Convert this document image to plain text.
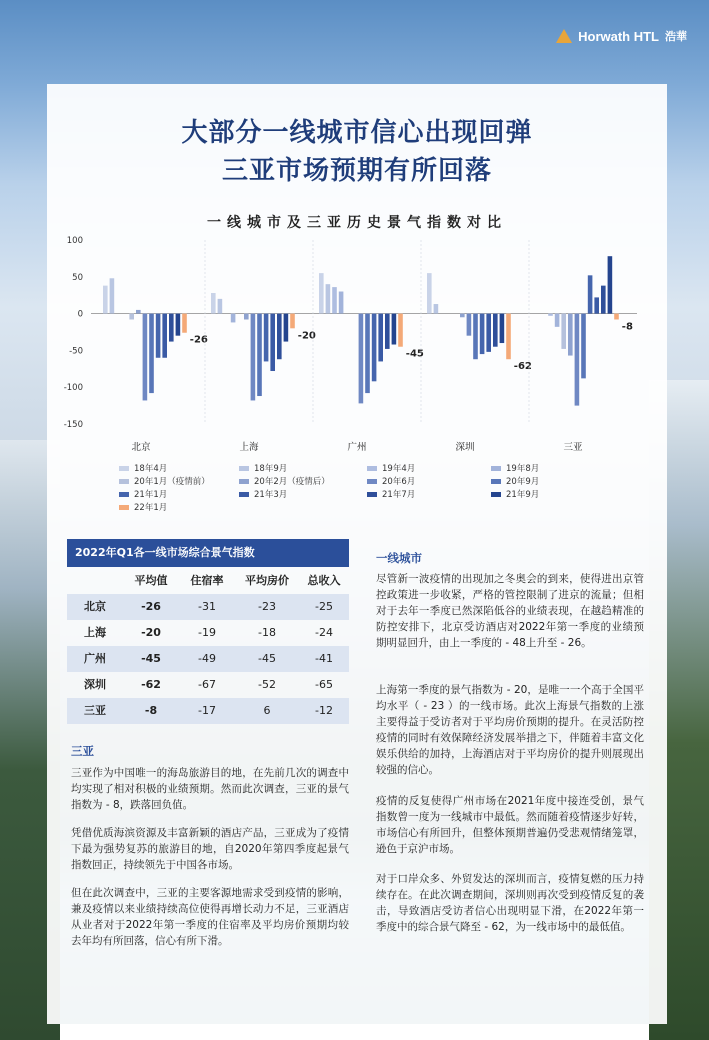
Horwath HTL 浩華
大部分一线城市信心出现回弹
三亚市场预期有所回落
一线城市及三亚历史景气指数对比
100
50
0
-50
-100
-150
-26
北京
-20
上海
-45
广州
-62
深圳
-8
三亚
18年4月	18年9月	19年4月	19年8月
20年1月（疫情前）	20年2月（疫情后）	20年6月	20年9月
21年1月	21年3月	21年7月	21年9月
22年1月
2022年Q1各一线市场综合景气指数
平均值	住宿率	平均房价	总收入
北京	-26	-31	-23	-25
上海	-20	-19	-18	-24
广州	-45	-49	-45	-41
深圳	-62	-67	-52	-65
三亚	-8	-17	6	-12
三亚
三亚作为中国唯一的海岛旅游目的地，在先前几次的调查中均实现了相对积极的业绩预期。然而此次调查，三亚的景气指数为 - 8，跌落回负值。
凭借优质海滨资源及丰富新颖的酒店产品，三亚成为了疫情下最为强势复苏的旅游目的地，自2020年第四季度起景气指数回正，持续领先于中国各市场。
但在此次调查中，三亚的主要客源地需求受到疫情的影响，兼及疫情以来业绩持续高位使得再增长动力不足，三亚酒店从业者对于2022年第一季度的住宿率及平均房价预期均较去年均有所回落，信心有所下滑。
一线城市
尽管新一波疫情的出现加之冬奥会的到来，使得进出京管控政策进一步收紧，严格的管控限制了进京的流量；但相对于去年一季度已然深陷低谷的业绩表现，在越趋精准的防控安排下，北京受访酒店对2022年第一季度的业绩预期明显回升，由上一季度的 - 48上升至 - 26。
上海第一季度的景气指数为 - 20，是唯一一个高于全国平均水平（ - 23 ）的一线市场。此次上海景气指数的上涨主要得益于受访者对于平均房价预期的提升。在灵活防控疫情的同时有效保障经济发展举措之下，伴随着丰富文化娱乐供给的加持，上海酒店对于平均房价的提升则展现出较强的信心。
疫情的反复使得广州市场在2021年度中接连受创，景气指数曾一度为一线城市中最低。然而随着疫情逐步好转，市场信心有所回升，但整体预期普遍仍受悲观情绪笼罩，逊色于京沪市场。
对于口岸众多、外贸发达的深圳而言，疫情复燃的压力持续存在。在此次调查期间，深圳则再次受到疫情反复的袭击，导致酒店受访者信心出现明显下滑，在2022年第一季度中的综合景气降至 - 62，为一线市场中的最低值。
